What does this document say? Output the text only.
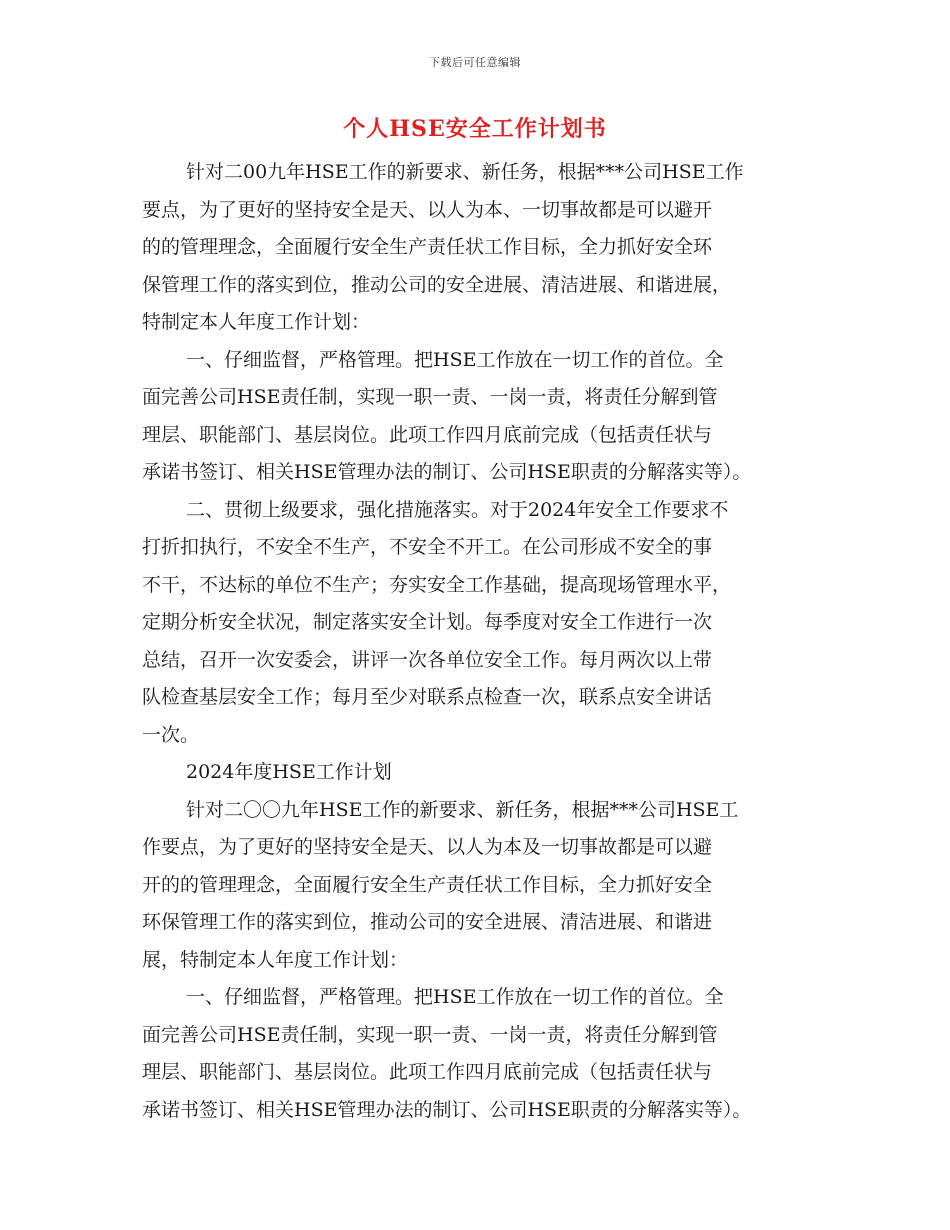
下载后可任意编辑
个人HSE安全工作计划书
针对二00九年HSE工作的新要求、新任务，根据***公司HSE工作
要点，为了更好的坚持安全是天、以人为本、一切事故都是可以避开
的的管理理念，全面履行安全生产责任状工作目标，全力抓好安全环
保管理工作的落实到位，推动公司的安全进展、清洁进展、和谐进展，
特制定本人年度工作计划：
一、仔细监督，严格管理。把HSE工作放在一切工作的首位。全
面完善公司HSE责任制，实现一职一责、一岗一责，将责任分解到管
理层、职能部门、基层岗位。此项工作四月底前完成（包括责任状与
承诺书签订、相关HSE管理办法的制订、公司HSE职责的分解落实等）。
二、贯彻上级要求，强化措施落实。对于2024年安全工作要求不
打折扣执行，不安全不生产，不安全不开工。在公司形成不安全的事
不干，不达标的单位不生产；夯实安全工作基础，提高现场管理水平，
定期分析安全状况，制定落实安全计划。每季度对安全工作进行一次
总结，召开一次安委会，讲评一次各单位安全工作。每月两次以上带
队检查基层安全工作；每月至少对联系点检查一次，联系点安全讲话
一次。
2024年度HSE工作计划
针对二〇〇九年HSE工作的新要求、新任务，根据***公司HSE工
作要点，为了更好的坚持安全是天、以人为本及一切事故都是可以避
开的的管理理念，全面履行安全生产责任状工作目标，全力抓好安全
环保管理工作的落实到位，推动公司的安全进展、清洁进展、和谐进
展，特制定本人年度工作计划：
一、仔细监督，严格管理。把HSE工作放在一切工作的首位。全
面完善公司HSE责任制，实现一职一责、一岗一责，将责任分解到管
理层、职能部门、基层岗位。此项工作四月底前完成（包括责任状与
承诺书签订、相关HSE管理办法的制订、公司HSE职责的分解落实等）。
